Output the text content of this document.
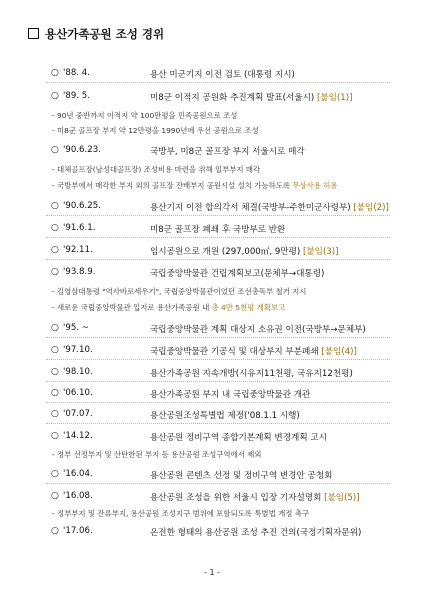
용산가족공원 조성 경위
○ '88. 4.	용산 미군기지 이전 검토 (대통령 지시)
○ '89. 5.	미8군 이적지 공원화 추진계획 발표(서울시) [붙임(1)]
- 90년 중반까지 이적지 약 100만평을 민족공원으로 조성
- 미8군 골프장 부지 약 12만평을 1990년에 우선 공원으로 조성
○ '90.6.23.	국방부, 미8군 골프장 부지 서울시로 매각
- 대체골프장(남성대골프장) 조성비용 마련을 위해 일부부지 매각
- 국방부에서 매각한 부지 외의 골프장 잔배부지 공원시설 설치 가능하도록 무상사용 허용
○ '90.6.25.	용산기지 이전 합의각서 체결(국방부-주한미군사령부) [붙임(2)]
○ '91.6.1.	미8군 골프장 폐쇄 후 국방부로 반환
○ '92.11.	임시공원으로 개원 (297,000㎡, 9만평) [붙임(3)]
○ '93.8.9.	국립중앙박물관 건립계획보고(문체부→대통령)
- 김영삼대통령 "역사바로세우기", 국립중앙박물관이었던 조선총독부 철거 지시
- 새로운 국립중앙박물관 입지로 용산가족공원 내 총 4만 5천평 계획보고
○ '95. ~	국립중앙박물관 계획 대상지 소유권 이전(국방부→문체부)
○ '97.10.	국립중앙박물관 기공식 및 대상부지 부분폐쇄 [붙임(4)]
○ '98.10.	용산가족공원 지속개방(시유지11천평, 국유지12천평)
○ '06.10.	용산가족공원 부지 내 국립중앙박물관 개관
○ '07.07.	용산공원조성특별법 제정('08.1.1 시행)
○ '14.12.	용산공원 정비구역 종합기본계획 변경계획 고시
- 정부 선정부지 및 산탄한된 부지 등 용산공원 조성구역에서 제외
○ '16.04.	용산공원 콘텐츠 선정 및 정비구역 변경안 공청회
○ '16.08.	용산공원 조성을 위한 서울시 입장 기자설명회 [붙임(5)]
- 정부부지 및 잔류부지, 용산공원 조성지구 범위에 포함되도록 특별법 개정 촉구
○ '17.06.	온전한 형태의 용산공원 조성 추진 건의(국정기획자문위)
- 1 -
